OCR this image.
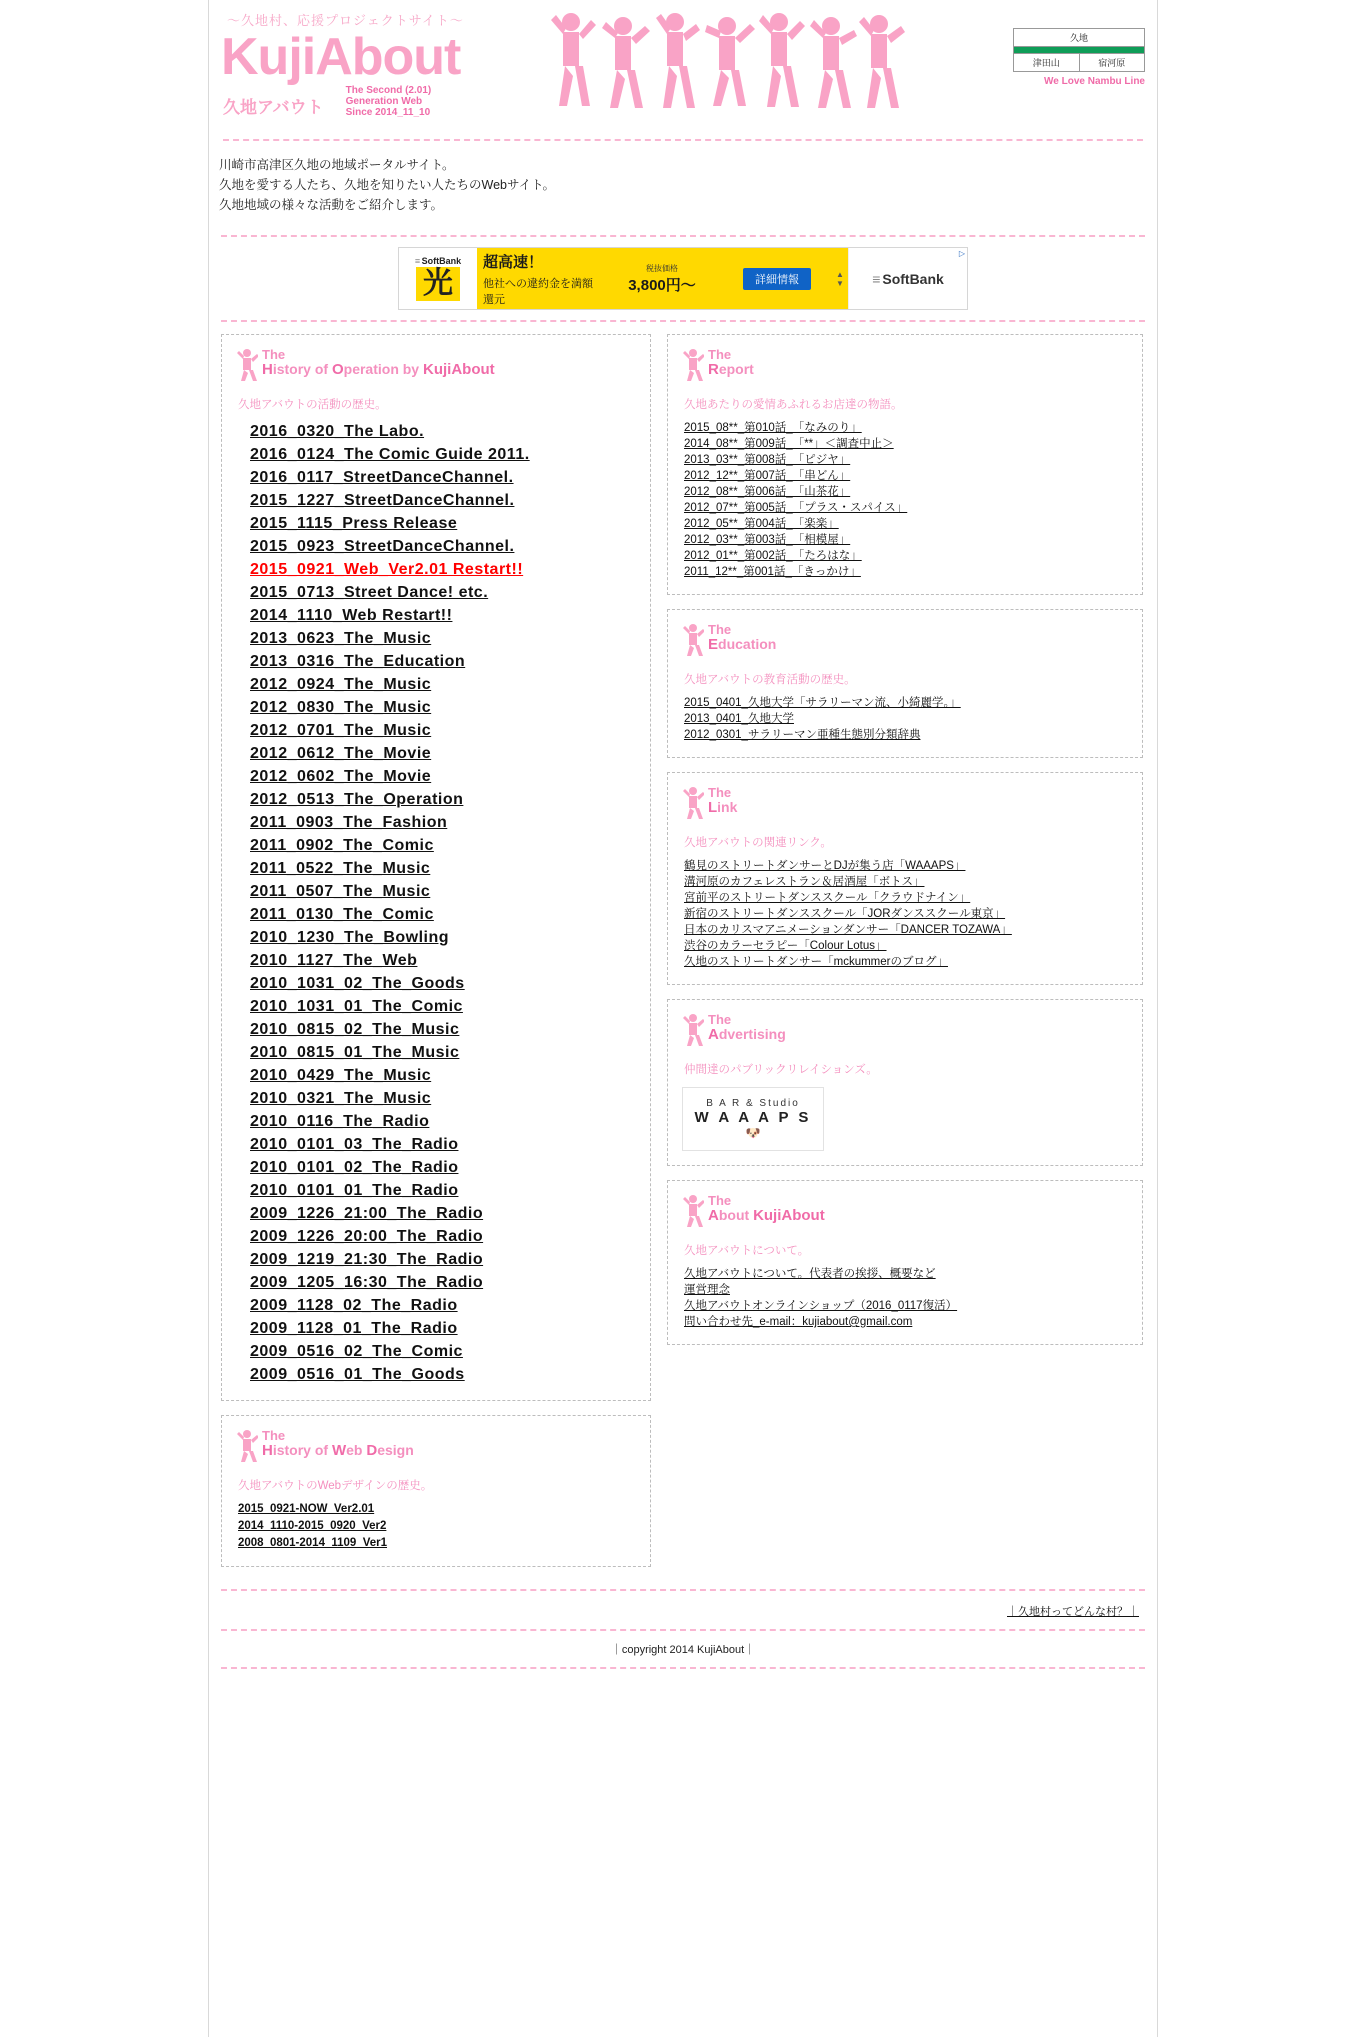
〜久地村、応援プロジェクトサイト〜
KujiAbout
久地アバウト
The Second (2.01)
Generation Web
Since 2014_11_10
久地

津田山	宿河原
We Love Nambu Line
川崎市高津区久地の地域ポータルサイト。
久地を愛する人たち、久地を知りたい人たちのWebサイト。
久地地域の様々な活動をご紹介します。
▷
≡ SoftBank
光
超高速！
他社への違約金を満額還元
税抜価格
3,800円〜	詳細情報	▲
▼ ≡ SoftBank
The
History of Operation by KujiAbout
久地アバウトの活動の歴史。
2016_0320_The Labo.
2016_0124_The Comic Guide 2011.
2016_0117_StreetDanceChannel.
2015_1227_StreetDanceChannel.
2015_1115_Press Release
2015_0923_StreetDanceChannel.
2015_0921_Web_Ver2.01 Restart!!
2015_0713_Street Dance! etc.
2014_1110_Web Restart!!
2013_0623_The_Music
2013_0316_The_Education
2012_0924_The_Music
2012_0830_The_Music
2012_0701_The_Music
2012_0612_The_Movie
2012_0602_The_Movie
2012_0513_The_Operation
2011_0903_The_Fashion
2011_0902_The_Comic
2011_0522_The_Music
2011_0507_The_Music
2011_0130_The_Comic
2010_1230_The_Bowling
2010_1127_The_Web
2010_1031_02_The_Goods
2010_1031_01_The_Comic
2010_0815_02_The_Music
2010_0815_01_The_Music
2010_0429_The_Music
2010_0321_The_Music
2010_0116_The_Radio
2010_0101_03_The_Radio
2010_0101_02_The_Radio
2010_0101_01_The_Radio
2009_1226_21:00_The_Radio
2009_1226_20:00_The_Radio
2009_1219_21:30_The_Radio
2009_1205_16:30_The_Radio
2009_1128_02_The_Radio
2009_1128_01_The_Radio
2009_0516_02_The_Comic
2009_0516_01_The_Goods
The
History of Web Design
久地アバウトのWebデザインの歴史。
2015_0921-NOW_Ver2.01
2014_1110-2015_0920_Ver2
2008_0801-2014_1109_Ver1
The
Report
久地あたりの愛情あふれるお店達の物語。
2015_08**_第010話_「なみのり」
2014_08**_第009話_「**」＜調査中止＞
2013_03**_第008話_「ピジヤ」
2012_12**_第007話_「串どん」
2012_08**_第006話_「山茶花」
2012_07**_第005話_「プラス・スパイス」
2012_05**_第004話_「楽楽」
2012_03**_第003話_「相模屋」
2012_01**_第002話_「たろはな」
2011_12**_第001話_「きっかけ」
The
Education
久地アバウトの教育活動の歴史。
2015_0401_久地大学「サラリーマン流、小綺麗学。」
2013_0401_久地大学
2012_0301_サラリーマン亜種生態別分類辞典
The
Link
久地アバウトの関連リンク。
鶴見のストリートダンサーとDJが集う店「WAAAPS」
溝河原のカフェレストラン＆居酒屋「ボトス」
宮前平のストリートダンススクール「クラウドナイン」
新宿のストリートダンススクール「JORダンススクール東京」
日本のカリスマアニメーションダンサー「DANCER TOZAWA」
渋谷のカラーセラピー「Colour Lotus」
久地のストリートダンサー「mckummerのブログ」
The
Advertising
仲間達のパブリックリレイションズ。
B A R & Studio
W A A A P S
🐶
The
About KujiAbout
久地アバウトについて。
久地アバウトについて。代表者の挨拶、概要など
運営理念
久地アバウトオンラインショップ（2016_0117復活）
問い合わせ先_e-mail：kujiabout@gmail.com
｜久地村ってどんな村？｜
｜copyright 2014 KujiAbout｜
